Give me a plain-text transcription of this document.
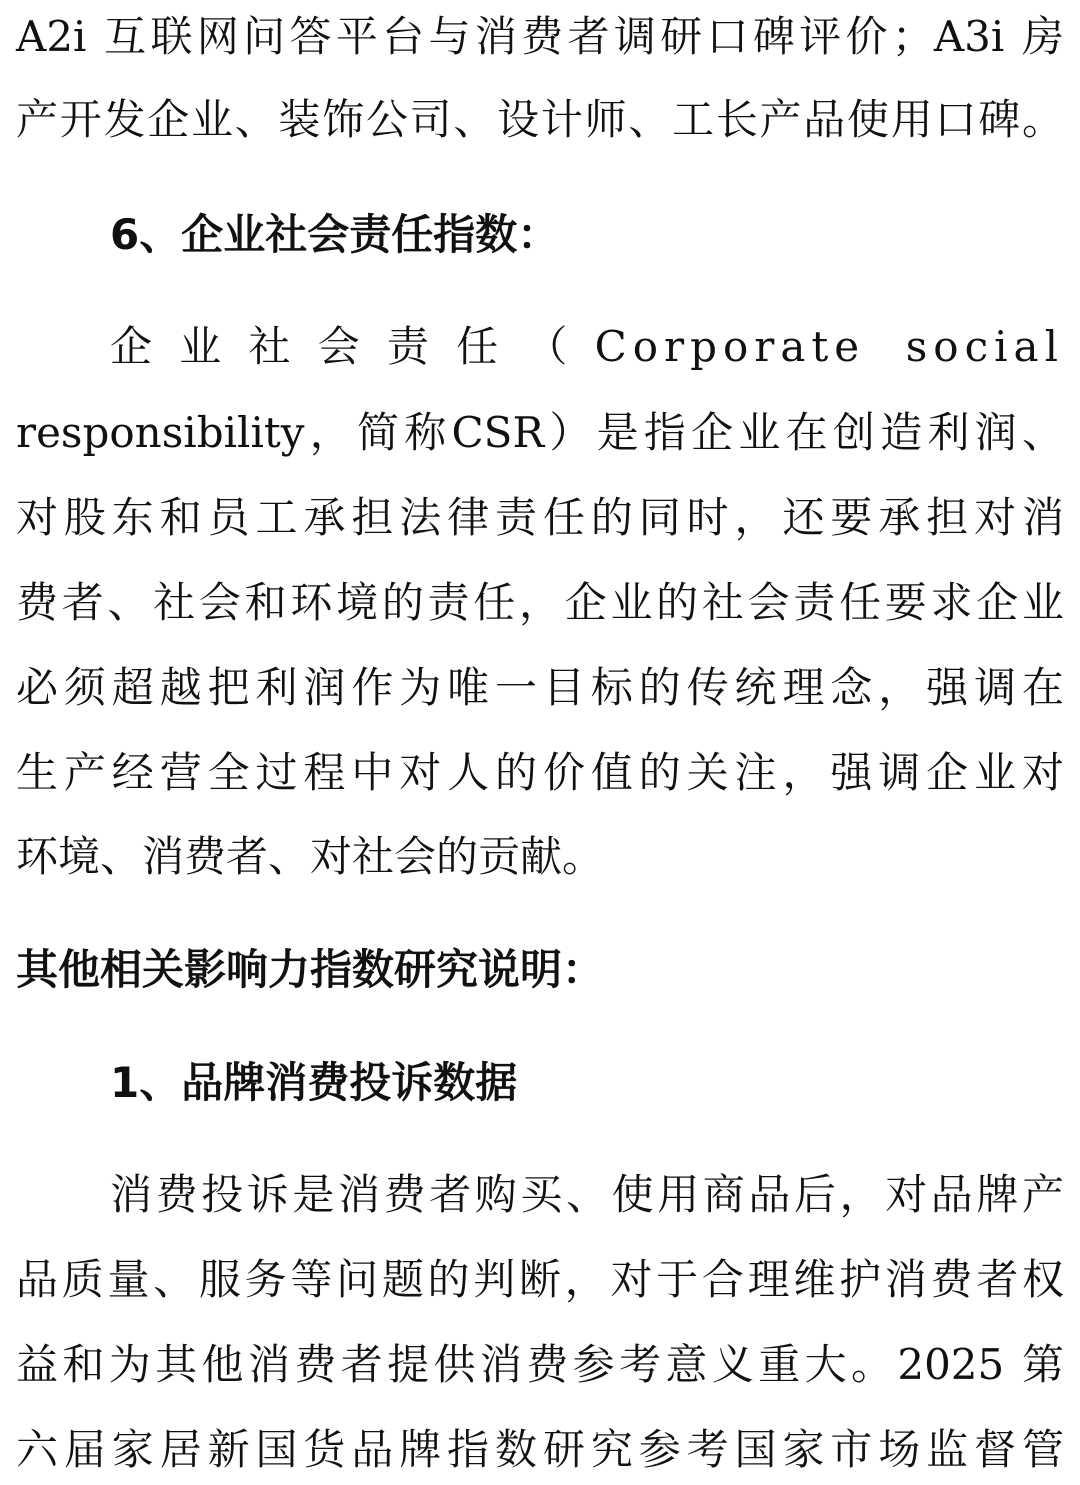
A2i 互联网问答平台与消费者调研口碑评价；A3i 房
产开发企业、装饰公司、设计师、工长产品使用口碑。
6、企业社会责任指数：
企业社会责任（Corporate social
responsibility，简称CSR）是指企业在创造利润、
对股东和员工承担法律责任的同时，还要承担对消
费者、社会和环境的责任，企业的社会责任要求企业
必须超越把利润作为唯一目标的传统理念，强调在
生产经营全过程中对人的价值的关注，强调企业对
环境、消费者、对社会的贡献。
其他相关影响力指数研究说明：
1、品牌消费投诉数据
消费投诉是消费者购买、使用商品后，对品牌产
品质量、服务等问题的判断，对于合理维护消费者权
益和为其他消费者提供消费参考意义重大。2025 第
六届家居新国货品牌指数研究参考国家市场监督管
